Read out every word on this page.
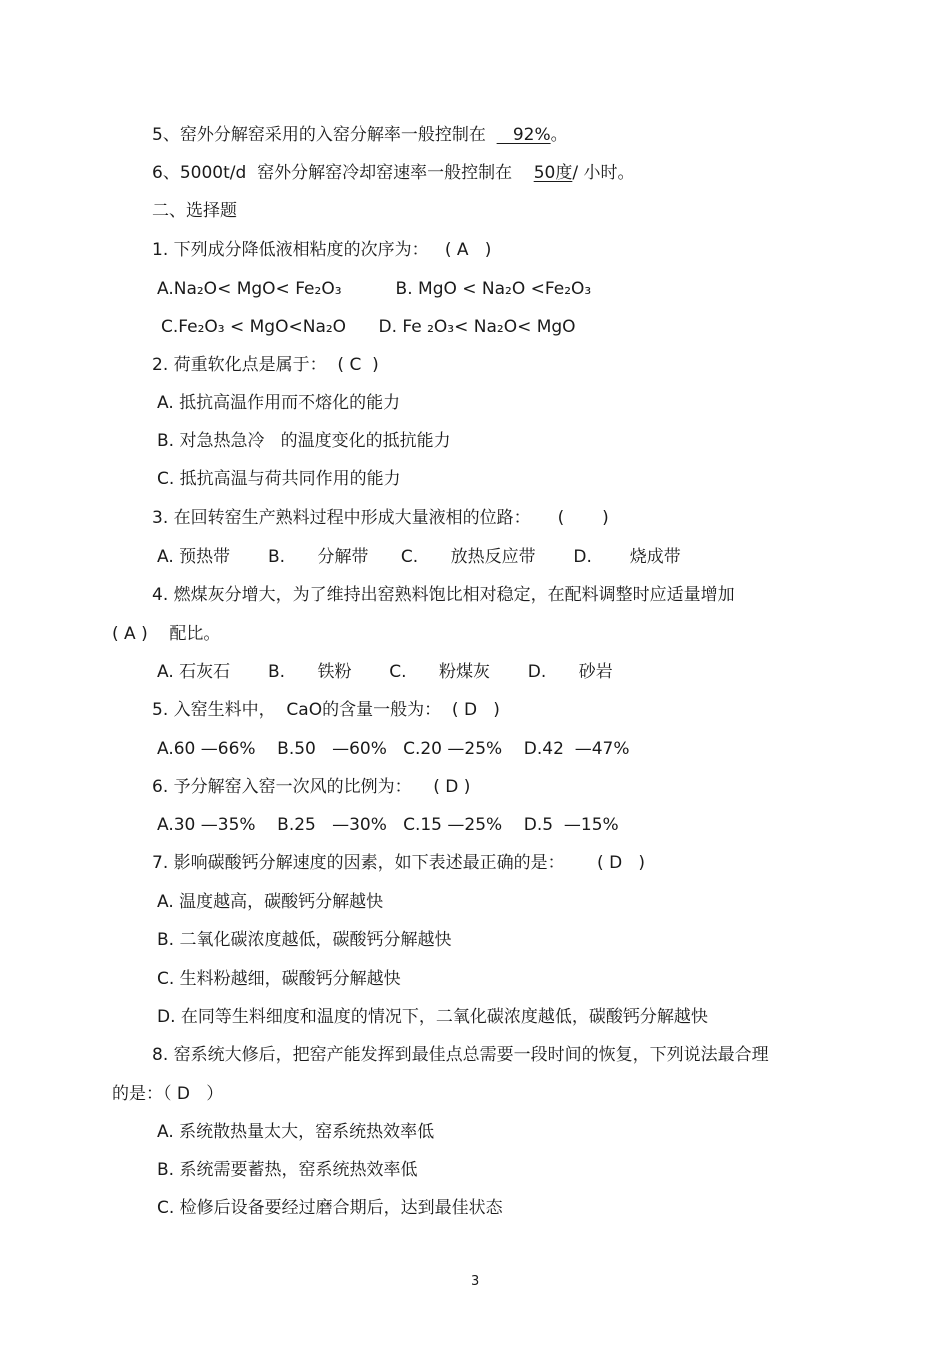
5、窑外分解窑采用的入窑分解率一般控制在     92%。
6、5000t/d  窑外分解窑冷却窑速率一般控制在    50度/ 小时。
二、选择题
1. 下列成分降低液相粘度的次序为：   ( A   )
A.Na₂O< MgO< Fe₂O₃          B. MgO < Na₂O <Fe₂O₃
C.Fe₂O₃ < MgO<Na₂O      D. Fe ₂O₃< Na₂O< MgO
2. 荷重软化点是属于：  ( C  )
A. 抵抗高温作用而不熔化的能力
B. 对急热急冷   的温度变化的抵抗能力
C. 抵抗高温与荷共同作用的能力
3. 在回转窑生产熟料过程中形成大量液相的位路：     (       )
A. 预热带       B.      分解带      C.      放热反应带       D.       烧成带
4. 燃煤灰分增大，为了维持出窑熟料饱比相对稳定，在配料调整时应适量增加
( A )    配比。
A. 石灰石       B.      铁粉       C.      粉煤灰       D.      砂岩
5. 入窑生料中，  CaO的含量一般为：  ( D   )
A.60 —66%    B.50   —60%   C.20 —25%    D.42  —47%
6. 予分解窑入窑一次风的比例为：    ( D )
A.30 —35%    B.25   —30%   C.15 —25%    D.5  —15%
7. 影响碳酸钙分解速度的因素，如下表述最正确的是：      ( D   )
A. 温度越高，碳酸钙分解越快
B. 二氧化碳浓度越低，碳酸钙分解越快
C. 生料粉越细，碳酸钙分解越快
D. 在同等生料细度和温度的情况下，二氧化碳浓度越低，碳酸钙分解越快
8. 窑系统大修后，把窑产能发挥到最佳点总需要一段时间的恢复，下列说法最合理
的是：（ D   ）
A. 系统散热量太大，窑系统热效率低
B. 系统需要蓄热，窑系统热效率低
C. 检修后设备要经过磨合期后，达到最佳状态
3
